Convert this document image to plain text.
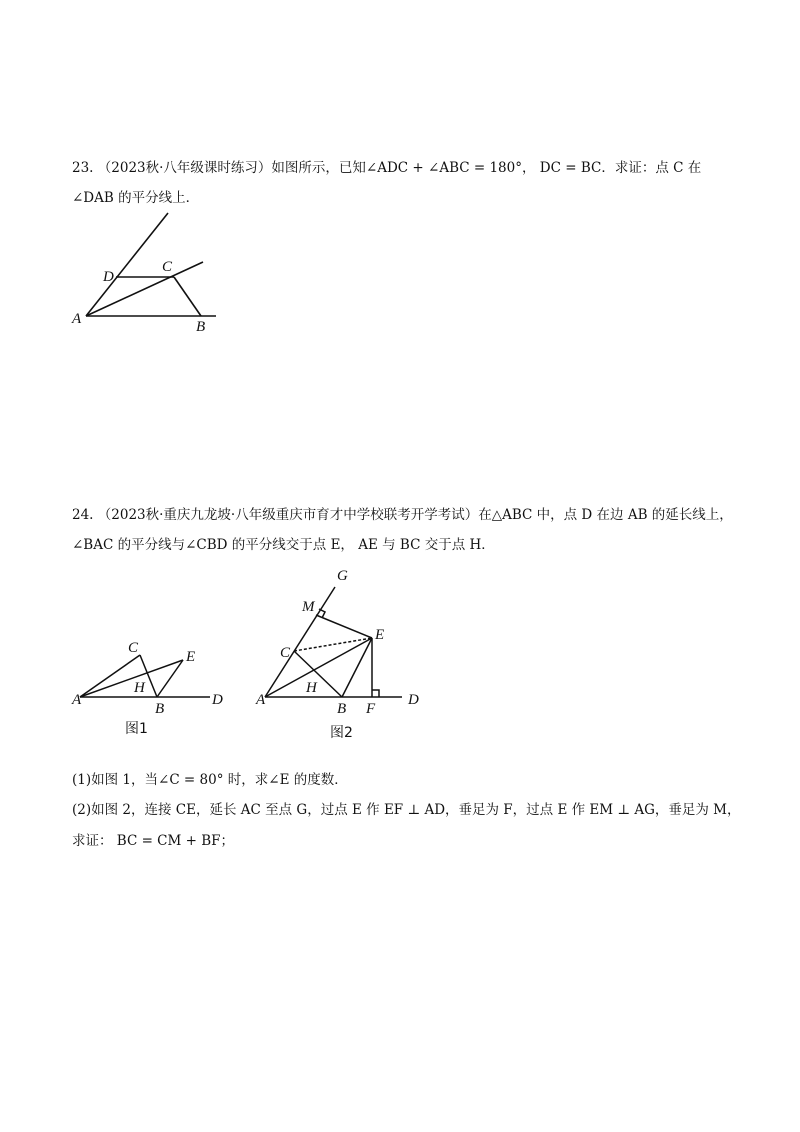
23. （2023秋·八年级课时练习）如图所示，已知∠ADC + ∠ABC = 180°， DC = BC．求证：点 C 在
∠DAB 的平分线上．
A	B
C
D
24. （2023秋·重庆九龙坡·八年级重庆市育才中学校联考开学考试）在△ABC 中，点 D 在边 AB 的延长线上，
∠BAC 的平分线与∠CBD 的平分线交于点 E， AE 与 BC 交于点 H．
A
B
C
D
E
H
图1
A
B
C
D
E
F
G
H
M
图2
(1)如图 1，当∠C = 80° 时，求∠E 的度数．
(2)如图 2，连接 CE，延长 AC 至点 G，过点 E 作 EF ⊥ AD，垂足为 F，过点 E 作 EM ⊥ AG，垂足为 M，
求证： BC = CM + BF；
